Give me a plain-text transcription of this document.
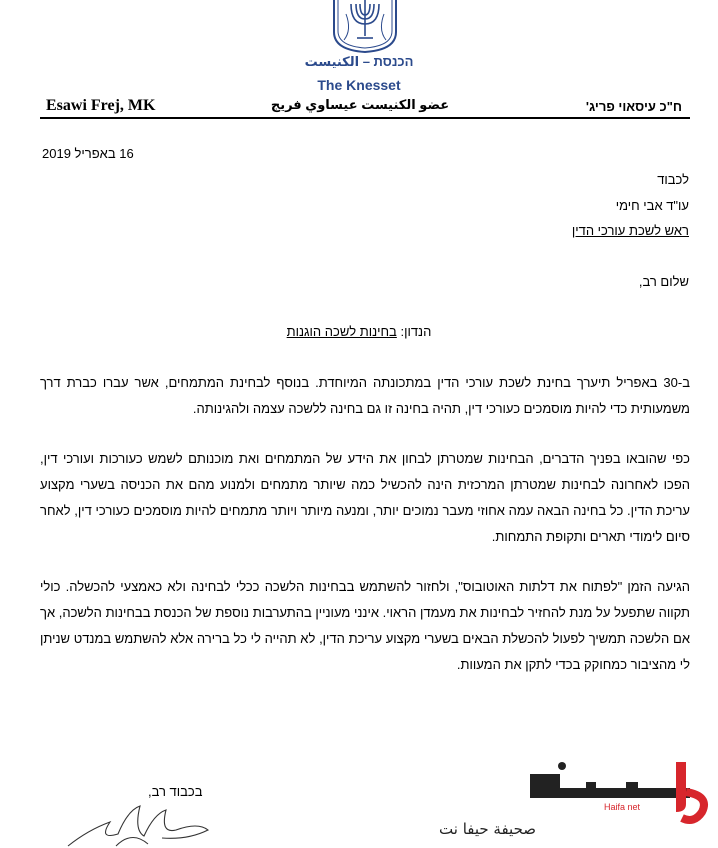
הכנסת – الكنيست
The Knesset
Esawi Frej, MK	عضو الكنيست عيساوي فريج	ח"כ עיסאוי פריג'
16 באפריל 2019
לכבוד
עו"ד אבי חימי
ראש לשכת עורכי הדין
שלום רב,
הנדון: בחינות לשכה הוגנות
ב-30 באפריל תיערך בחינת לשכת עורכי הדין במתכונתה המיוחדת. בנוסף לבחינת המתמחים, אשר עברו כברת דרך משמעותית כדי להיות מוסמכים כעורכי דין, תהיה בחינה זו גם בחינה ללשכה עצמה ולהגינותה.
כפי שהובאו בפניך הדברים, הבחינות שמטרתן לבחון את הידע של המתמחים ואת מוכנותם לשמש כעורכות ועורכי דין, הפכו לאחרונה לבחינות שמטרתן המרכזית הינה להכשיל כמה שיותר מתמחים ולמנוע מהם את הכניסה בשערי מקצוע עריכת הדין. כל בחינה הבאה עמה אחוזי מעבר נמוכים יותר, ומנעה מיותר ויותר מתמחים להיות מוסמכים כעורכי דין, לאחר סיום לימודי תארים ותקופת התמחות.
הגיעה הזמן "לפתוח את דלתות האוטובוס", ולחזור להשתמש בבחינות הלשכה ככלי לבחינה ולא כאמצעי להכשלה. כולי תקווה שתפעל על מנת להחזיר לבחינות את מעמדן הראוי. אינני מעוניין בהתערבות נוספת של הכנסת בבחינות הלשכה, אך אם הלשכה תמשיך לפעול להכשלת הבאים בשערי מקצוע עריכת הדין, לא תהייה לי כל ברירה אלא להשתמש במנדט שניתן לי מהציבור כמחוקק בכדי לתקן את המעוות.
בכבוד רב,
Haifa net
صحيفة حيفا نت
